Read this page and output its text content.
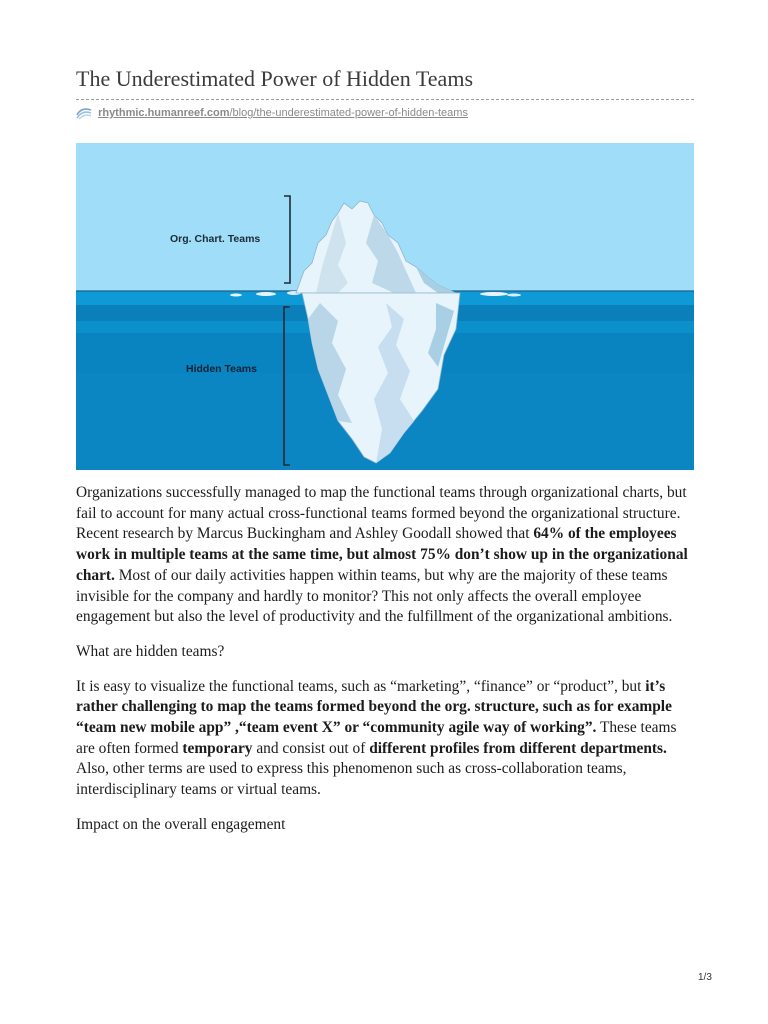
The Underestimated Power of Hidden Teams
rhythmic.humanreef.com/blog/the-underestimated-power-of-hidden-teams
Org. Chart. Teams
Hidden Teams

Organizations successfully managed to map the functional teams through organizational charts, but fail to account for many actual cross-functional teams formed beyond the organizational structure. Recent research by Marcus Buckingham and Ashley Goodall showed that 64% of the employees work in multiple teams at the same time, but almost 75% don’t show up in the organizational chart. Most of our daily activities happen within teams, but why are the majority of these teams invisible for the company and hardly to monitor? This not only affects the overall employee engagement but also the level of productivity and the fulfillment of the organizational ambitions.

What are hidden teams?

It is easy to visualize the functional teams, such as “marketing”, “finance” or “product”, but it’s rather challenging to map the teams formed beyond the org. structure, such as for example “team new mobile app” ,“team event X” or “community agile way of working”. These teams are often formed temporary and consist out of different profiles from different departments. Also, other terms are used to express this phenomenon such as cross-collaboration teams, interdisciplinary teams or virtual teams.

Impact on the overall engagement

1/3
